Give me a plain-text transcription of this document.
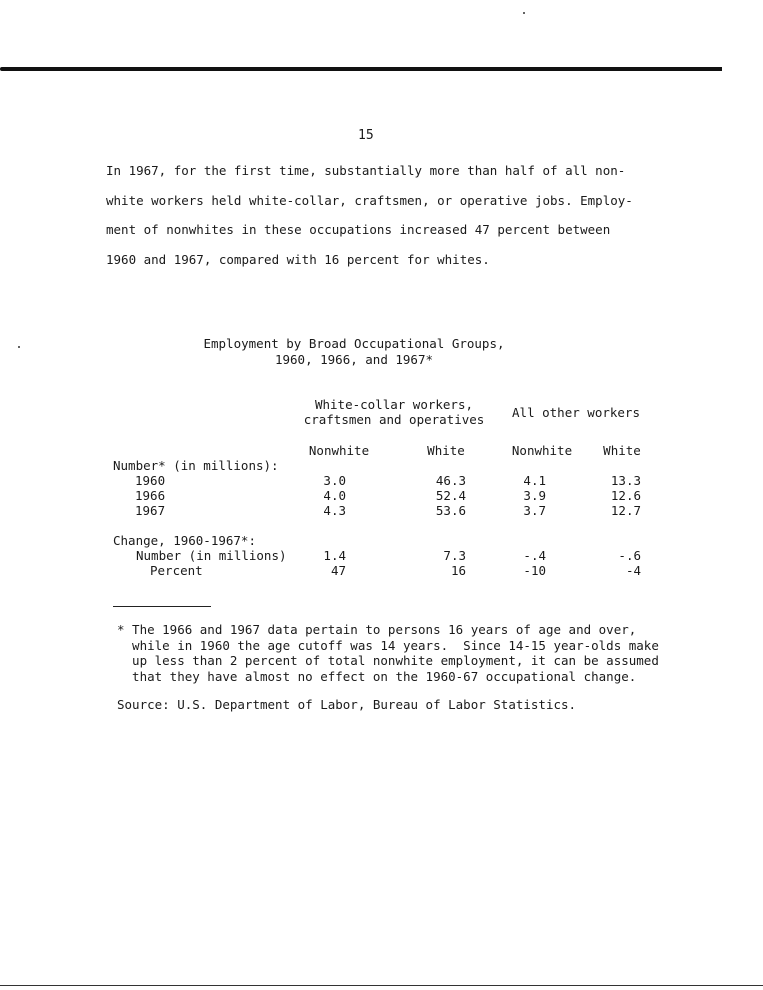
15

In 1967, for the first time, substantially more than half of all non-
white workers held white-collar, craftsmen, or operative jobs. Employ-
ment of nonwhites in these occupations increased 47 percent between
1960 and 1967, compared with 16 percent for whites.

Employment by Broad Occupational Groups,
1960, 1966, and 1967*
White-collar workers,
craftsmen and operatives	All other workers
Nonwhite	White	Nonwhite	White
Number* (in millions):
1960	3.0	46.3	4.1	13.3
1966	4.0	52.4	3.9	12.6
1967	4.3	53.6	3.7	12.7
Change, 1960-1967*:
Number (in millions)	1.4	7.3	-.4	-.6
Percent	47	16	-10	-4

* The 1966 and 1967 data pertain to persons 16 years of age and over,
while in 1960 the age cutoff was 14 years.  Since 14-15 year-olds make
up less than 2 percent of total nonwhite employment, it can be assumed
that they have almost no effect on the 1960-67 occupational change.

Source: U.S. Department of Labor, Bureau of Labor Statistics.
